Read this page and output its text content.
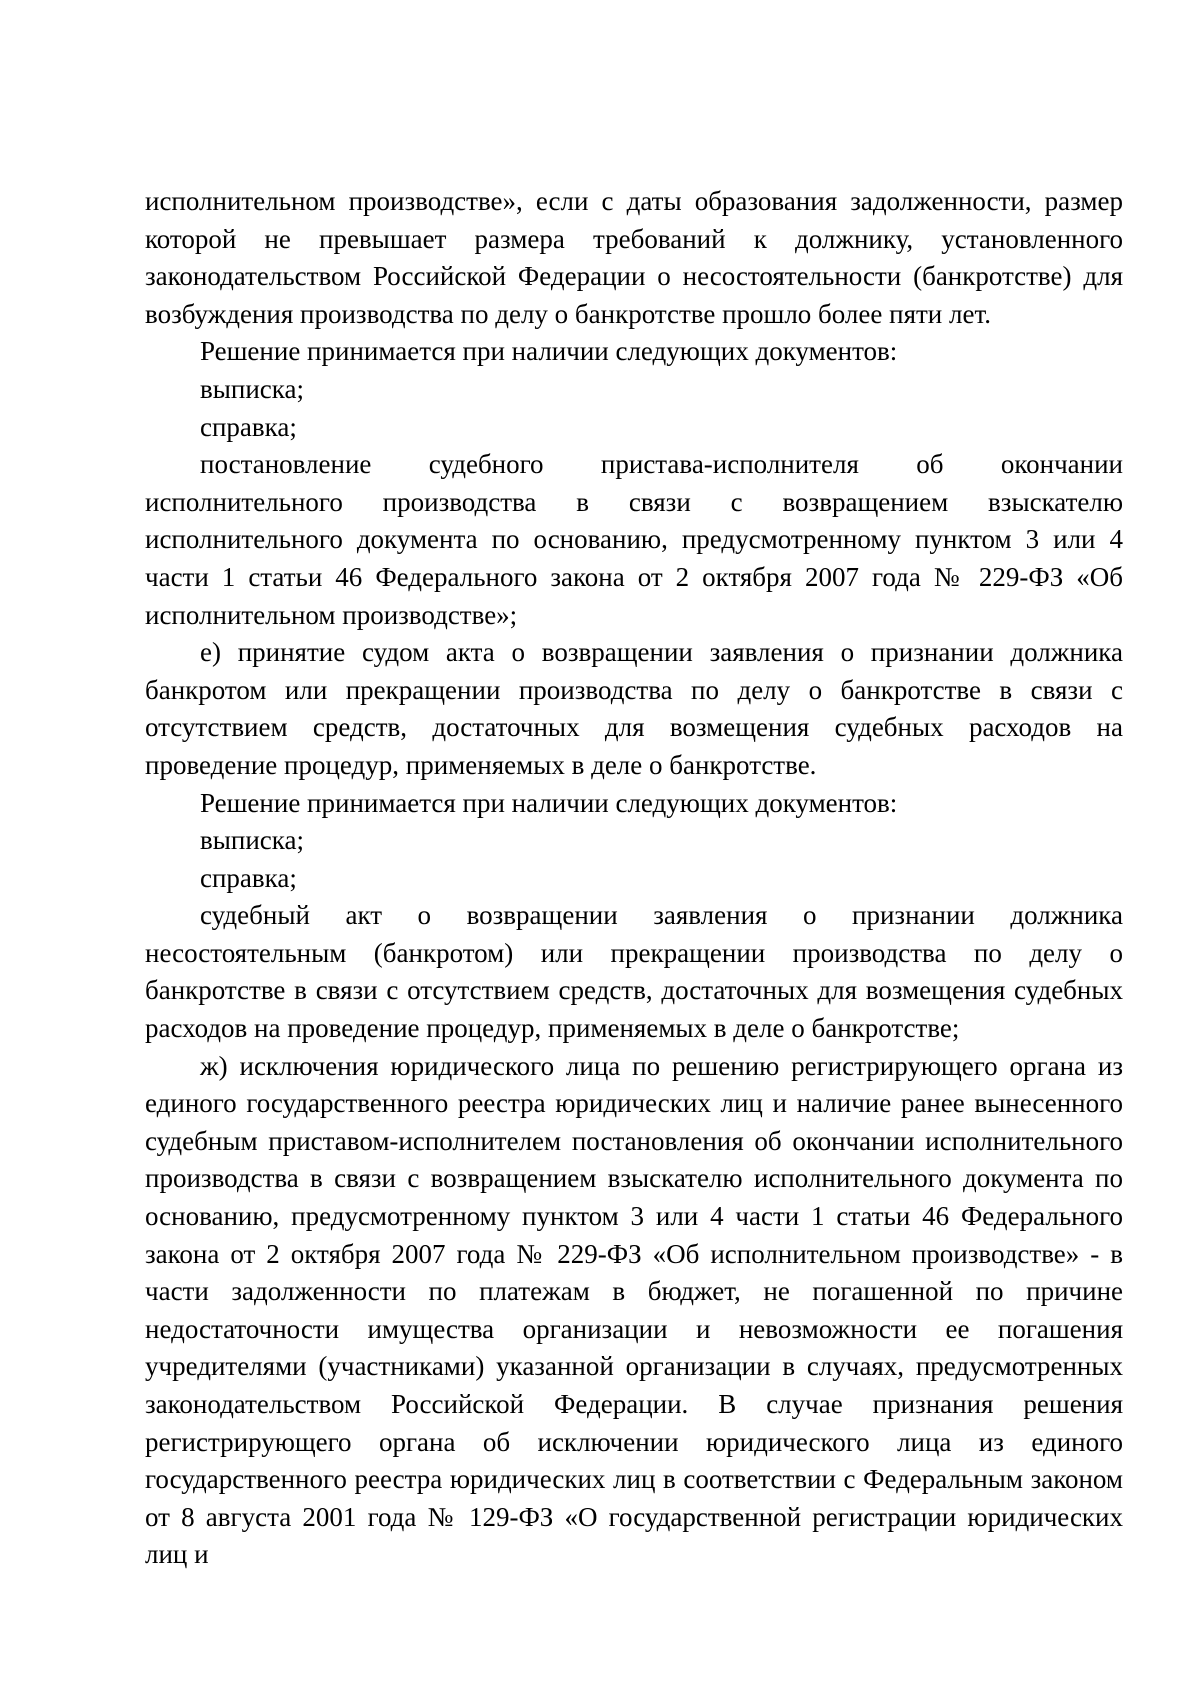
исполнительном производстве», если с даты образования задолженности, размер которой не превышает размера требований к должнику, установленного законодательством Российской Федерации о несостоятельности (банкротстве) для возбуждения производства по делу о банкротстве прошло более пяти лет.

Решение принимается при наличии следующих документов:

выписка;

справка;

постановление судебного пристава-исполнителя об окончании исполнительного производства в связи с возвращением взыскателю исполнительного документа по основанию, предусмотренному пунктом 3 или 4 части 1 статьи 46 Федерального закона от 2 октября 2007 года № 229-ФЗ «Об исполнительном производстве»;

е) принятие судом акта о возвращении заявления о признании должника банкротом или прекращении производства по делу о банкротстве в связи с отсутствием средств, достаточных для возмещения судебных расходов на проведение процедур, применяемых в деле о банкротстве.

Решение принимается при наличии следующих документов:

выписка;

справка;

судебный акт о возвращении заявления о признании должника несостоятельным (банкротом) или прекращении производства по делу о банкротстве в связи с отсутствием средств, достаточных для возмещения судебных расходов на проведение процедур, применяемых в деле о банкротстве;

ж) исключения юридического лица по решению регистрирующего органа из единого государственного реестра юридических лиц и наличие ранее вынесенного судебным приставом-исполнителем постановления об окончании исполнительного производства в связи с возвращением взыскателю исполнительного документа по основанию, предусмотренному пунктом 3 или 4 части 1 статьи 46 Федерального закона от 2 октября 2007 года № 229-ФЗ «Об исполнительном производстве» - в части задолженности по платежам в бюджет, не погашенной по причине недостаточности имущества организации и невозможности ее погашения учредителями (участниками) указанной организации в случаях, предусмотренных законодательством Российской Федерации. В случае признания решения регистрирующего органа об исключении юридического лица из единого государственного реестра юридических лиц в соответствии с Федеральным законом от 8 августа 2001 года № 129-ФЗ «О государственной регистрации юридических лиц и
